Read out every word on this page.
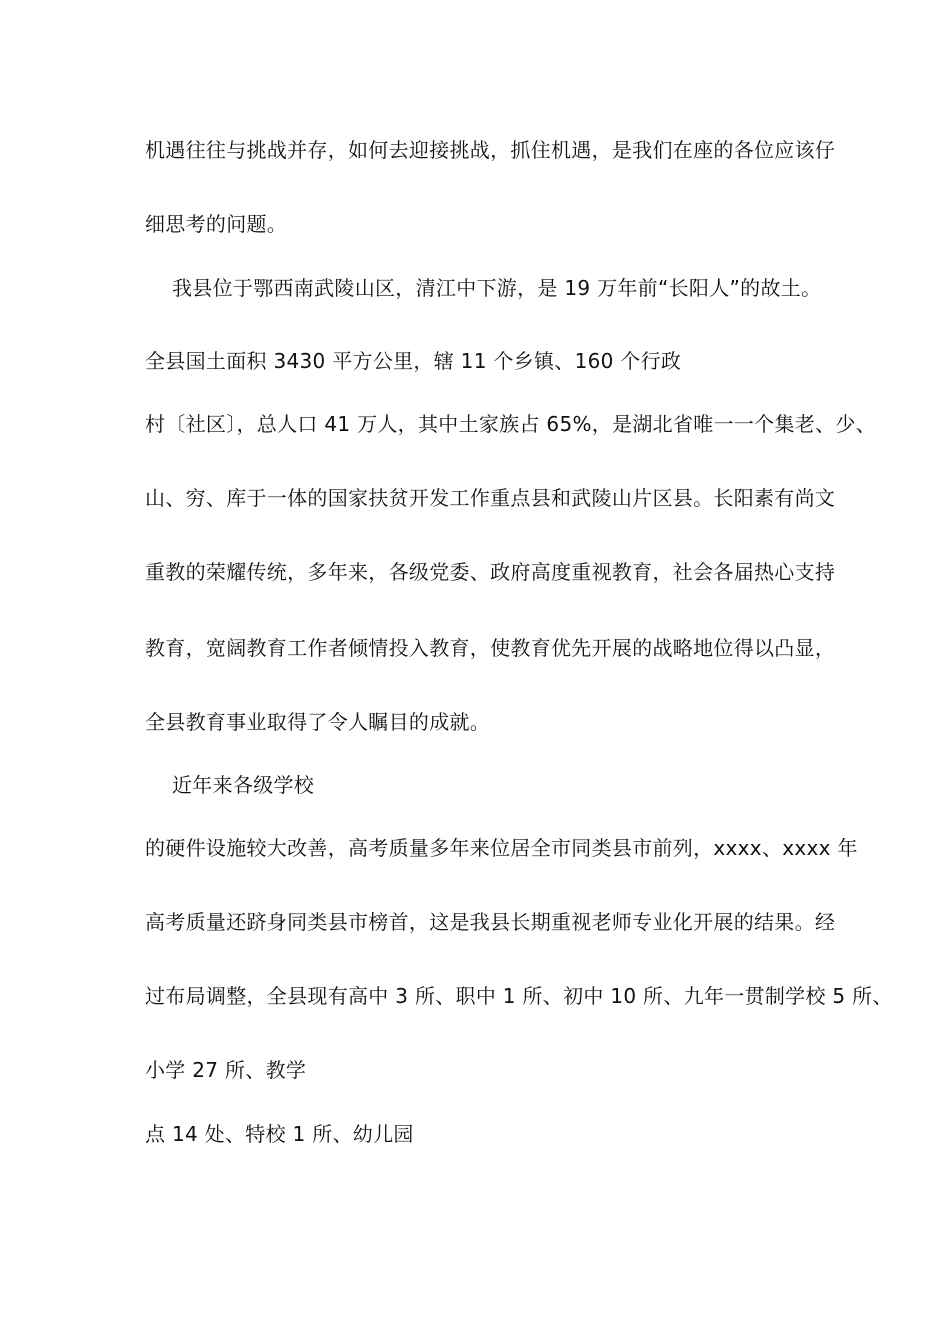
机遇往往与挑战并存，如何去迎接挑战，抓住机遇，是我们在座的各位应该仔
细思考的问题。
我县位于鄂西南武陵山区，清江中下游，是 19 万年前“长阳人”的故土。
全县国土面积 3430 平方公里，辖 11 个乡镇、160 个行政
村〔社区〕，总人口 41 万人，其中土家族占 65%，是湖北省唯一一个集老、少、
山、穷、库于一体的国家扶贫开发工作重点县和武陵山片区县。长阳素有尚文
重教的荣耀传统，多年来，各级党委、政府高度重视教育，社会各届热心支持
教育，宽阔教育工作者倾情投入教育，使教育优先开展的战略地位得以凸显，
全县教育事业取得了令人瞩目的成就。
近年来各级学校
的硬件设施较大改善，高考质量多年来位居全市同类县市前列，xxxx、xxxx 年
高考质量还跻身同类县市榜首，这是我县长期重视老师专业化开展的结果。经
过布局调整，全县现有高中 3 所、职中 1 所、初中 10 所、九年一贯制学校 5 所、
小学 27 所、教学
点 14 处、特校 1 所、幼儿园
